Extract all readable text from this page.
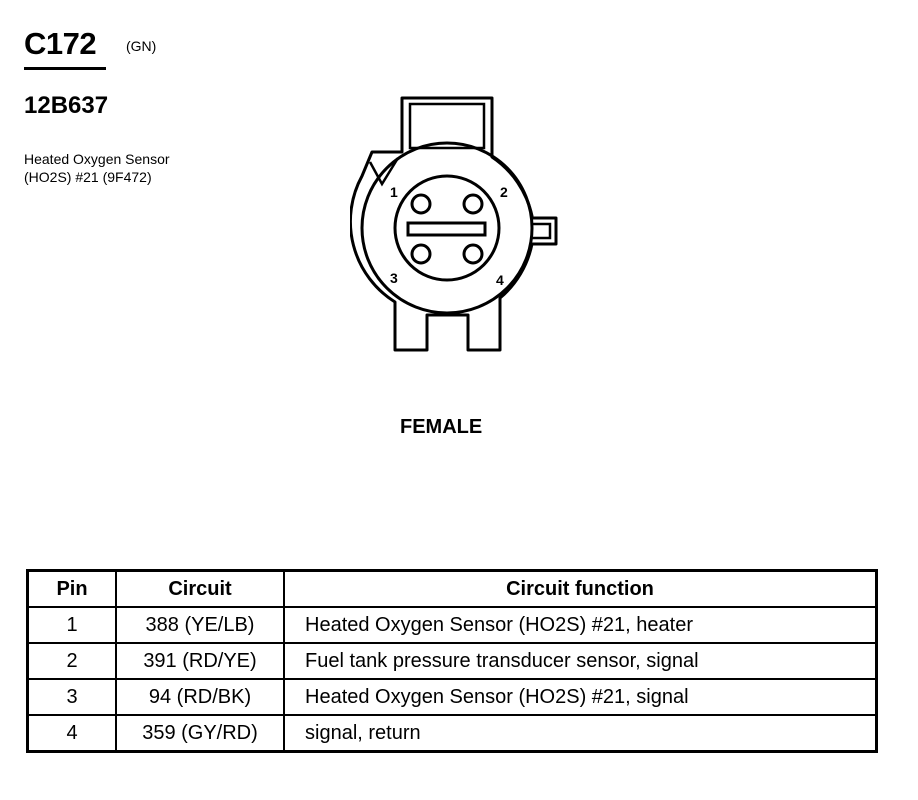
C172 (GN)
12B637
Heated Oxygen Sensor
(HO2S) #21 (9F472)
1	2
3	4
FEMALE
Pin	Circuit	Circuit function
1	388 (YE/LB)	Heated Oxygen Sensor (HO2S) #21, heater
2	391 (RD/YE)	Fuel tank pressure transducer sensor, signal
3	94 (RD/BK)	Heated Oxygen Sensor (HO2S) #21, signal
4	359 (GY/RD)	signal, return
